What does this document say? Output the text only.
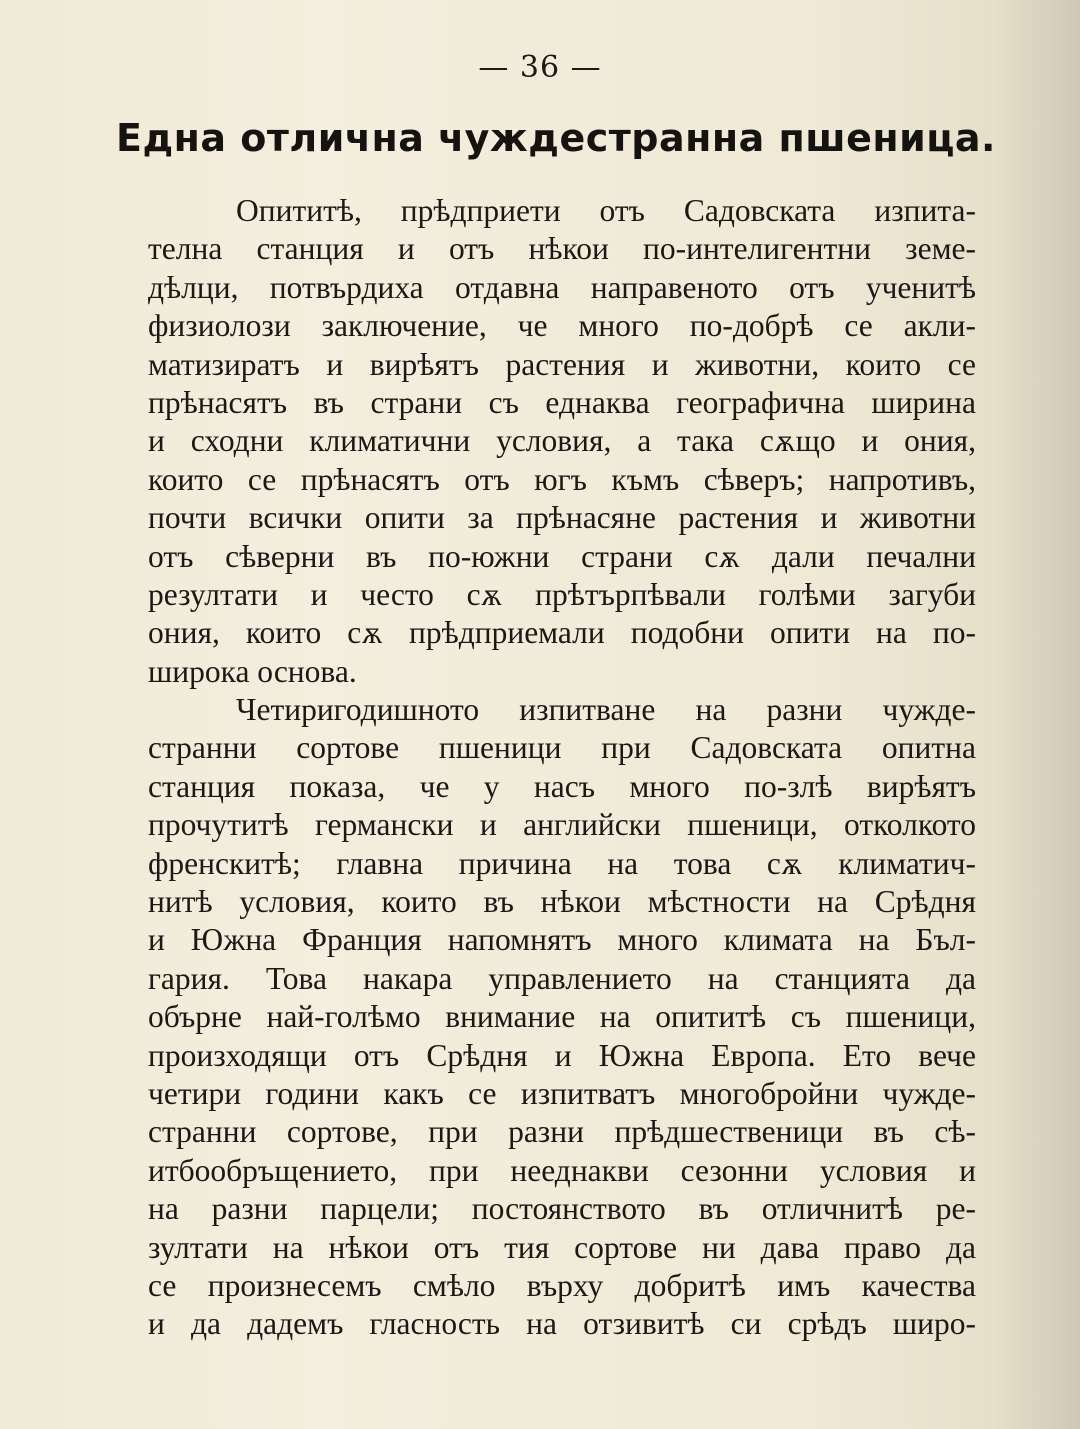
— 36 —
Една отлична чуждестранна пшеница.
Опититѣ, прѣдприети отъ Садовската изпита-
телна станция и отъ нѣкои по-интелигентни земе-
дѣлци, потвърдиха отдавна направеното отъ ученитѣ
физиолози заключение, че много по-добрѣ се акли-
матизиратъ и вирѣятъ растения и животни, които се
прѣнасятъ въ страни съ еднаква географична ширина
и сходни климатични условия, а така сѫщо и ония,
които се прѣнасятъ отъ югъ къмъ сѣверъ; напротивъ,
почти всички опити за прѣнасяне растения и животни
отъ сѣверни въ по-южни страни сѫ дали печални
резултати и често сѫ прѣтърпѣвали голѣми загуби
ония, които сѫ прѣдприемали подобни опити на по-
широка основа.
Четиригодишното изпитване на разни чужде-
странни сортове пшеници при Садовската опитна
станция показа, че у насъ много по-злѣ вирѣятъ
прочутитѣ германски и английски пшеници, отколкото
френскитѣ; главна причина на това сѫ климатич-
нитѣ условия, които въ нѣкои мѣстности на Срѣдня
и Южна Франция напомнятъ много климата на Бъл-
гария. Това накара управлението на станцията да
обърне най-голѣмо внимание на опититѣ съ пшеници,
произходящи отъ Срѣдня и Южна Европа. Ето вече
четири години какъ се изпитватъ многобройни чужде-
странни сортове, при разни прѣдшественици въ сѣ-
итбообръщението, при нееднакви сезонни условия и
на разни парцели; постоянството въ отличнитѣ ре-
зултати на нѣкои отъ тия сортове ни дава право да
се произнесемъ смѣло върху добритѣ имъ качества
и да дадемъ гласность на отзивитѣ си срѣдъ широ-
